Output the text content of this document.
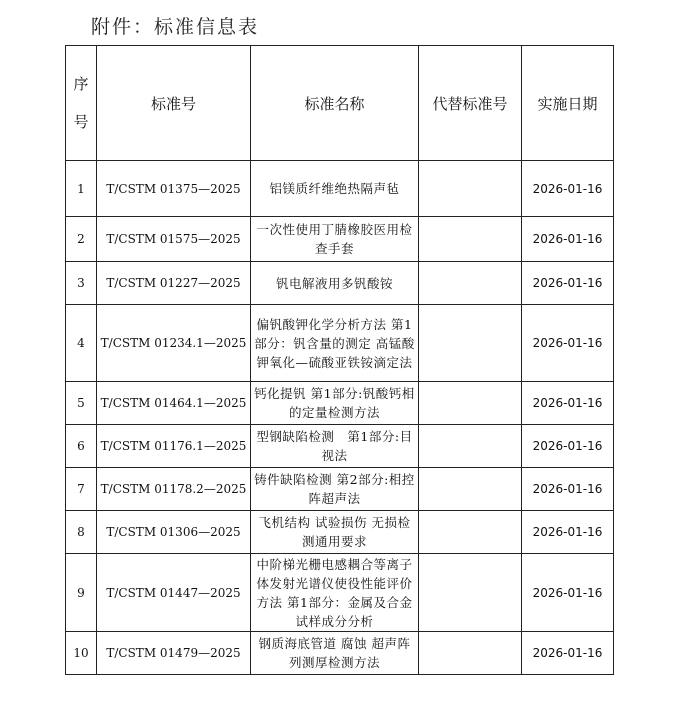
附件：标准信息表
序
号	标准号	标准名称	代替标准号	实施日期
1	T/CSTM 01375—2025	铝镁质纤维绝热隔声毡		2026-01-16
2	T/CSTM 01575—2025	一次性使用丁腈橡胶医用检查手套		2026-01-16
3	T/CSTM 01227—2025	钒电解液用多钒酸铵		2026-01-16
4	T/CSTM 01234.1—2025	偏钒酸钾化学分析方法 第1部分：钒含量的测定 高锰酸钾氧化—硫酸亚铁铵滴定法		2026-01-16
5	T/CSTM 01464.1—2025	钙化提钒 第1部分:钒酸钙相的定量检测方法		2026-01-16
6	T/CSTM 01176.1—2025	型钢缺陷检测　第1部分:目视法		2026-01-16
7	T/CSTM 01178.2—2025	铸件缺陷检测 第2部分:相控阵超声法		2026-01-16
8	T/CSTM 01306—2025	飞机结构 试验损伤 无损检测通用要求		2026-01-16
9	T/CSTM 01447—2025	中阶梯光栅电感耦合等离子体发射光谱仪使役性能评价方法 第1部分：金属及合金试样成分分析		2026-01-16
10	T/CSTM 01479—2025	钢质海底管道 腐蚀 超声阵列测厚检测方法		2026-01-16
